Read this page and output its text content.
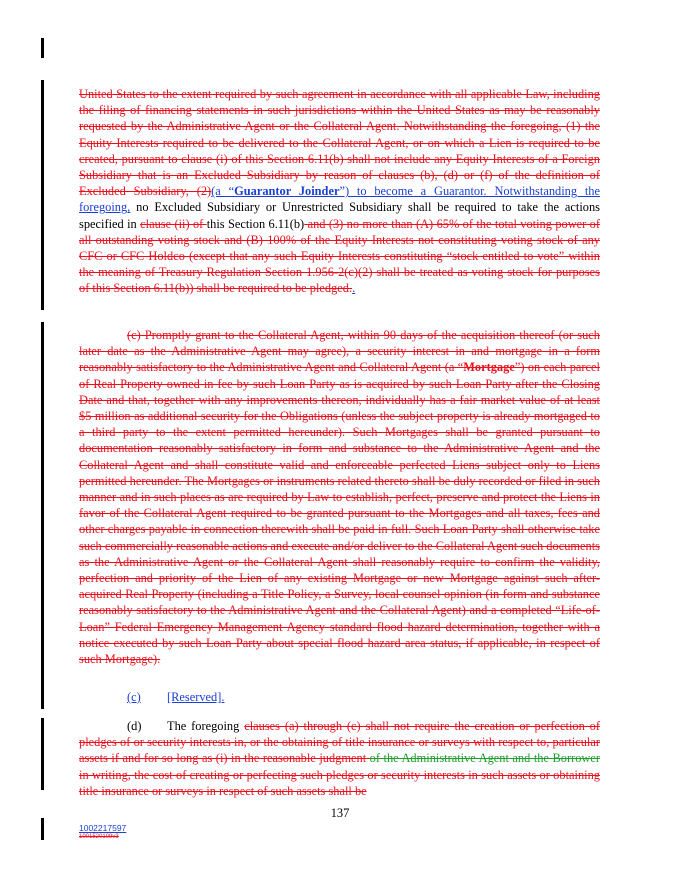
United States to the extent required by such agreement in accordance with all applicable Law, including the filing of financing statements in such jurisdictions within the United States as may be reasonably requested by the Administrative Agent or the Collateral Agent. Notwithstanding the foregoing, (1) the Equity Interests required to be delivered to the Collateral Agent, or on which a Lien is required to be created, pursuant to clause (i) of this Section 6.11(b) shall not include any Equity Interests of a Foreign Subsidiary that is an Excluded Subsidiary by reason of clauses (b), (d) or (f) of the definition of Excluded Subsidiary, (2)(a “Guarantor Joinder”) to become a Guarantor. Notwithstanding the foregoing, no Excluded Subsidiary or Unrestricted Subsidiary shall be required to take the actions specified in clause (ii) of this Section 6.11(b) and (3) no more than (A) 65% of the total voting power of all outstanding voting stock and (B) 100% of the Equity Interests not constituting voting stock of any CFC or CFC Holdco (except that any such Equity Interests constituting “stock entitled to vote” within the meaning of Treasury Regulation Section 1.956-2(c)(2) shall be treated as voting stock for purposes of this Section 6.11(b)) shall be required to be pledged..
(c) Promptly grant to the Collateral Agent, within 90 days of the acquisition thereof (or such later date as the Administrative Agent may agree), a security interest in and mortgage in a form reasonably satisfactory to the Administrative Agent and Collateral Agent (a “Mortgage”) on each parcel of Real Property owned in fee by such Loan Party as is acquired by such Loan Party after the Closing Date and that, together with any improvements thereon, individually has a fair market value of at least $5 million as additional security for the Obligations (unless the subject property is already mortgaged to a third party to the extent permitted hereunder). Such Mortgages shall be granted pursuant to documentation reasonably satisfactory in form and substance to the Administrative Agent and the Collateral Agent and shall constitute valid and enforceable perfected Liens subject only to Liens permitted hereunder. The Mortgages or instruments related thereto shall be duly recorded or filed in such manner and in such places as are required by Law to establish, perfect, preserve and protect the Liens in favor of the Collateral Agent required to be granted pursuant to the Mortgages and all taxes, fees and other charges payable in connection therewith shall be paid in full. Such Loan Party shall otherwise take such commercially reasonable actions and execute and/or deliver to the Collateral Agent such documents as the Administrative Agent or the Collateral Agent shall reasonably require to confirm the validity, perfection and priority of the Lien of any existing Mortgage or new Mortgage against such after-acquired Real Property (including a Title Policy, a Survey, local counsel opinion (in form and substance reasonably satisfactory to the Administrative Agent and the Collateral Agent) and a completed “Life-of-Loan” Federal Emergency Management Agency standard flood hazard determination, together with a notice executed by such Loan Party about special flood hazard area status, if applicable, in respect of such Mortgage).
(c) [Reserved].
(d) The foregoing clauses (a) through (c) shall not require the creation or perfection of pledges of or security interests in, or the obtaining of title insurance or surveys with respect to, particular assets if and for so long as (i) in the reasonable judgment of the Administrative Agent and the Borrower in writing, the cost of creating or perfecting such pledges or security interests in such assets or obtaining title insurance or surveys in respect of such assets shall be
137
1002217597
1001520109v3
